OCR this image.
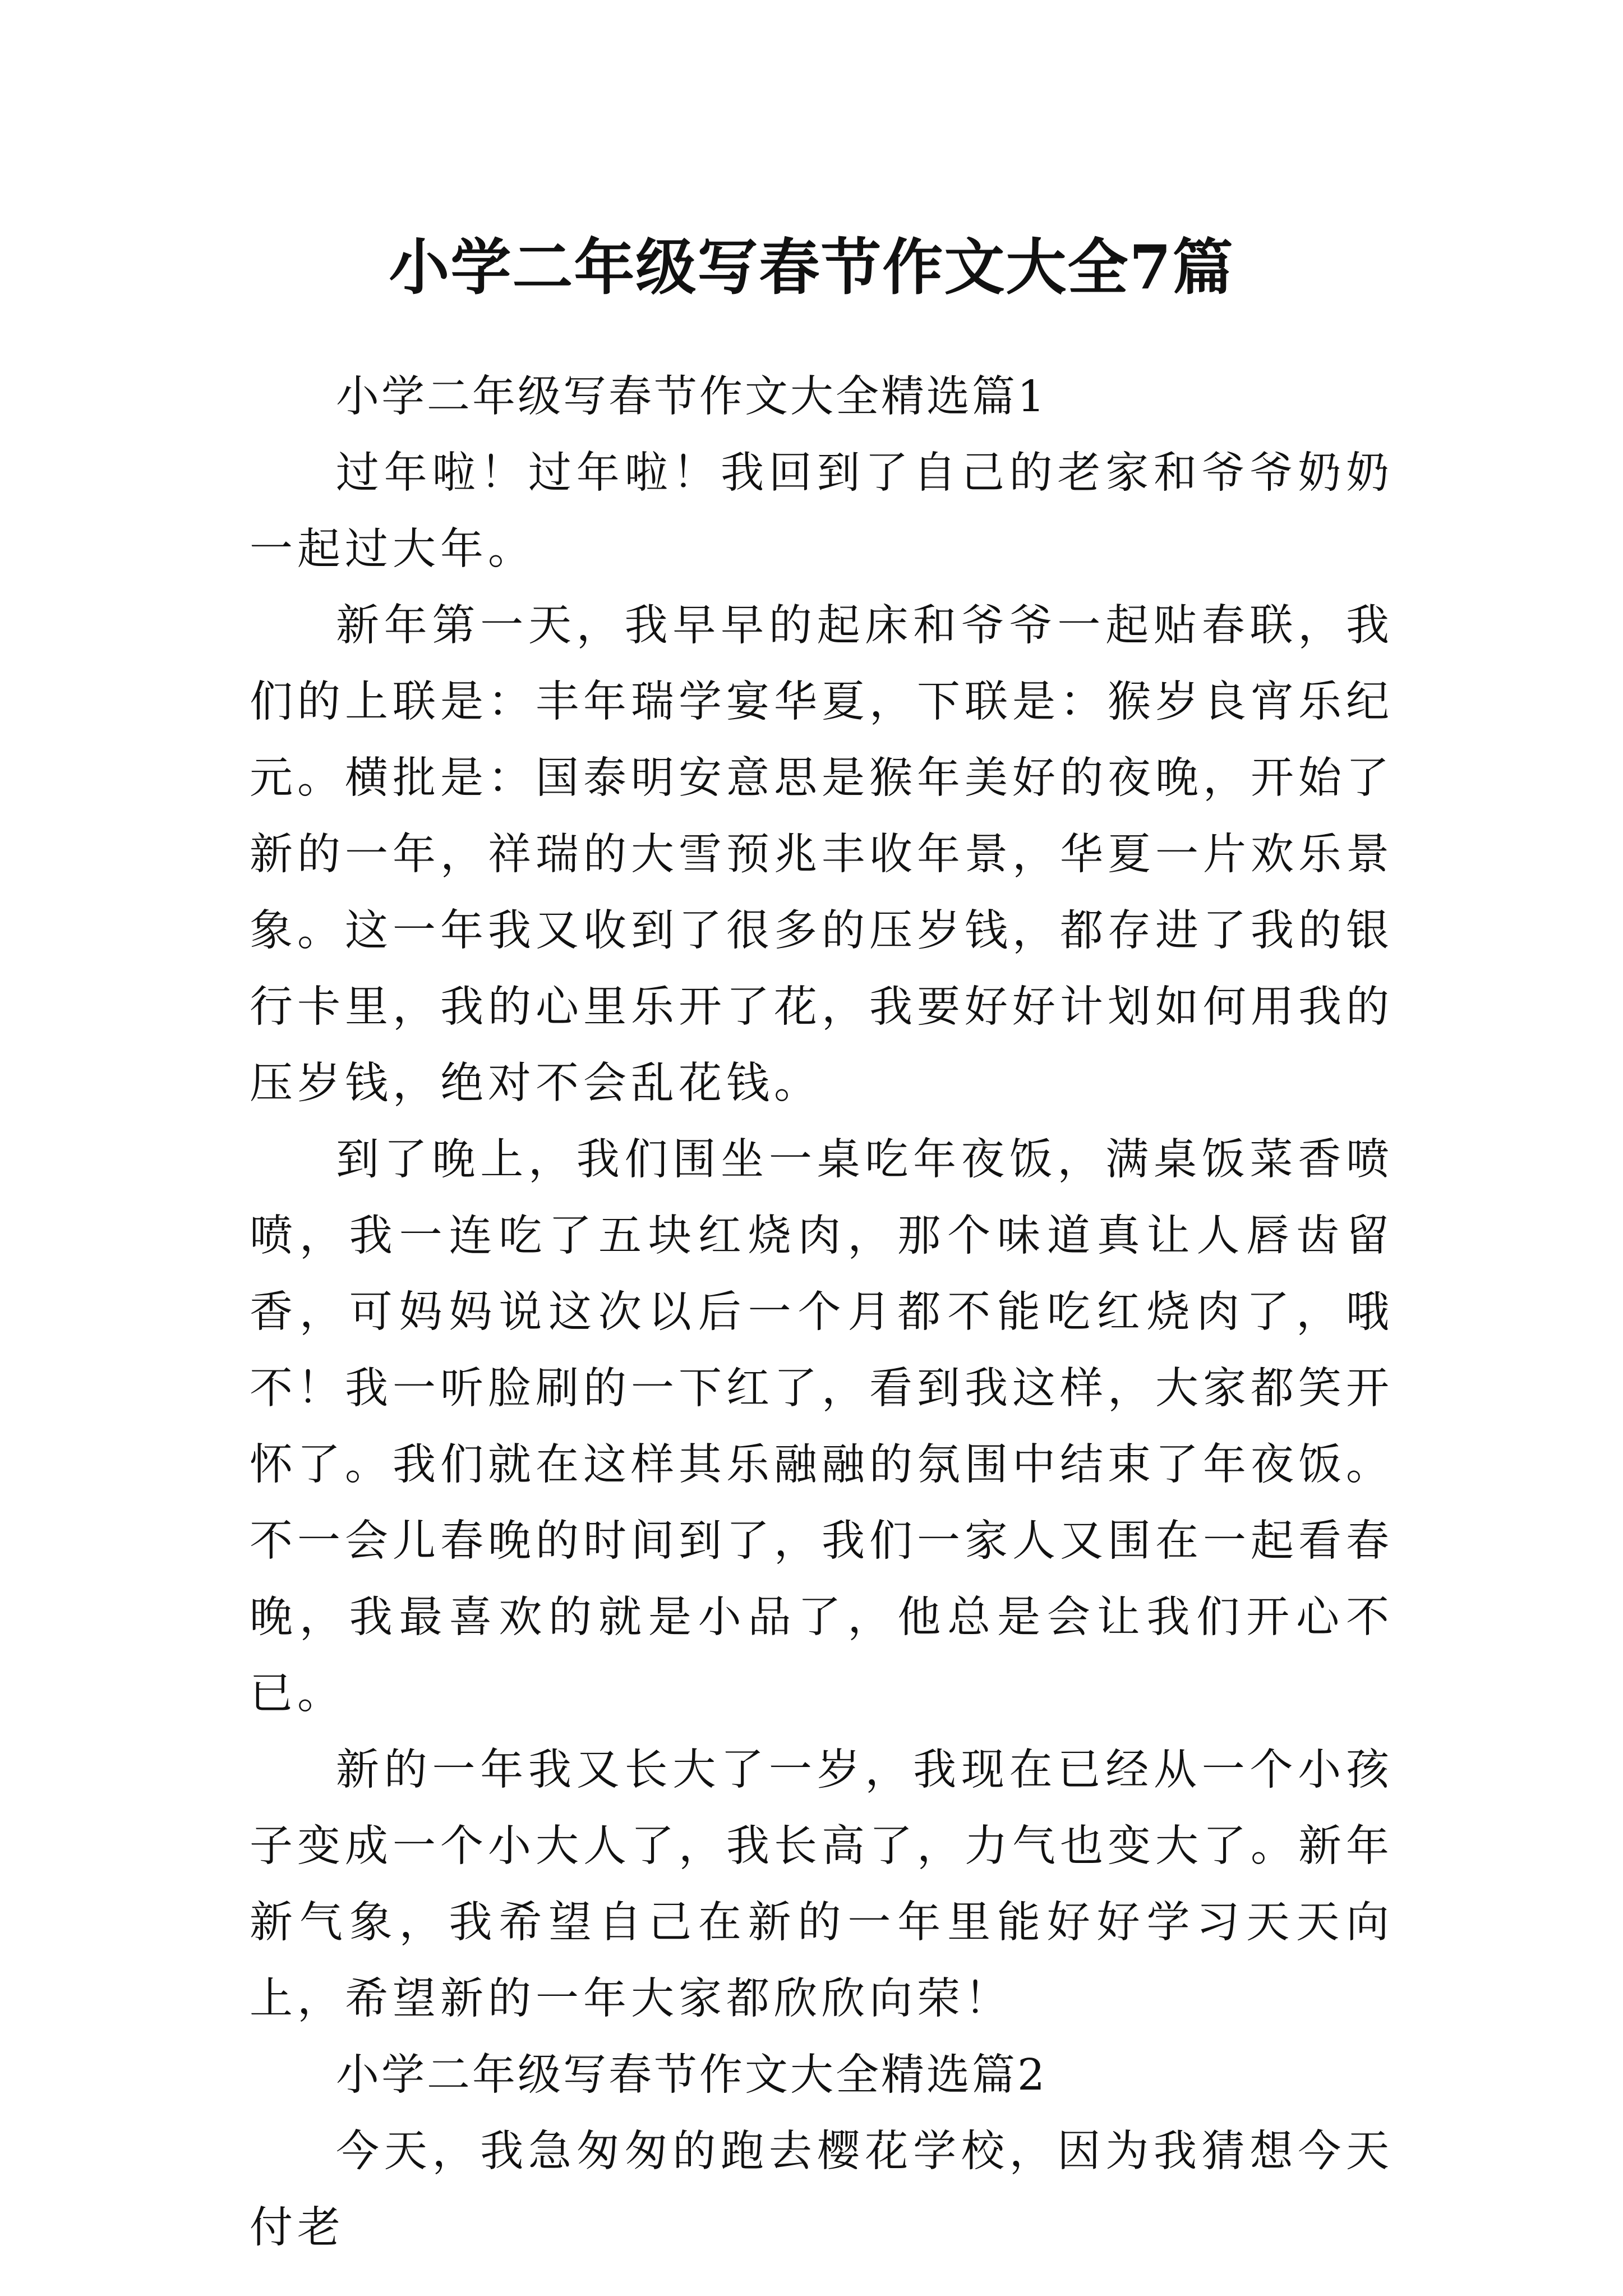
小学二年级写春节作文大全7篇

小学二年级写春节作文大全精选篇1

过年啦！过年啦！我回到了自己的老家和爷爷奶奶一起过大年。

新年第一天，我早早的起床和爷爷一起贴春联，我们的上联是：丰年瑞学宴华夏，下联是：猴岁良宵乐纪元。横批是：国泰明安意思是猴年美好的夜晚，开始了新的一年，祥瑞的大雪预兆丰收年景，华夏一片欢乐景象。这一年我又收到了很多的压岁钱，都存进了我的银行卡里，我的心里乐开了花，我要好好计划如何用我的压岁钱，绝对不会乱花钱。

到了晚上，我们围坐一桌吃年夜饭，满桌饭菜香喷喷，我一连吃了五块红烧肉，那个味道真让人唇齿留香，可妈妈说这次以后一个月都不能吃红烧肉了，哦不！我一听脸刷的一下红了，看到我这样，大家都笑开怀了。我们就在这样其乐融融的氛围中结束了年夜饭。不一会儿春晚的时间到了，我们一家人又围在一起看春晚，我最喜欢的就是小品了，他总是会让我们开心不已。

新的一年我又长大了一岁，我现在已经从一个小孩子变成一个小大人了，我长高了，力气也变大了。新年新气象，我希望自己在新的一年里能好好学习天天向上，希望新的一年大家都欣欣向荣！

小学二年级写春节作文大全精选篇2

今天，我急匆匆的跑去樱花学校，因为我猜想今天付老
